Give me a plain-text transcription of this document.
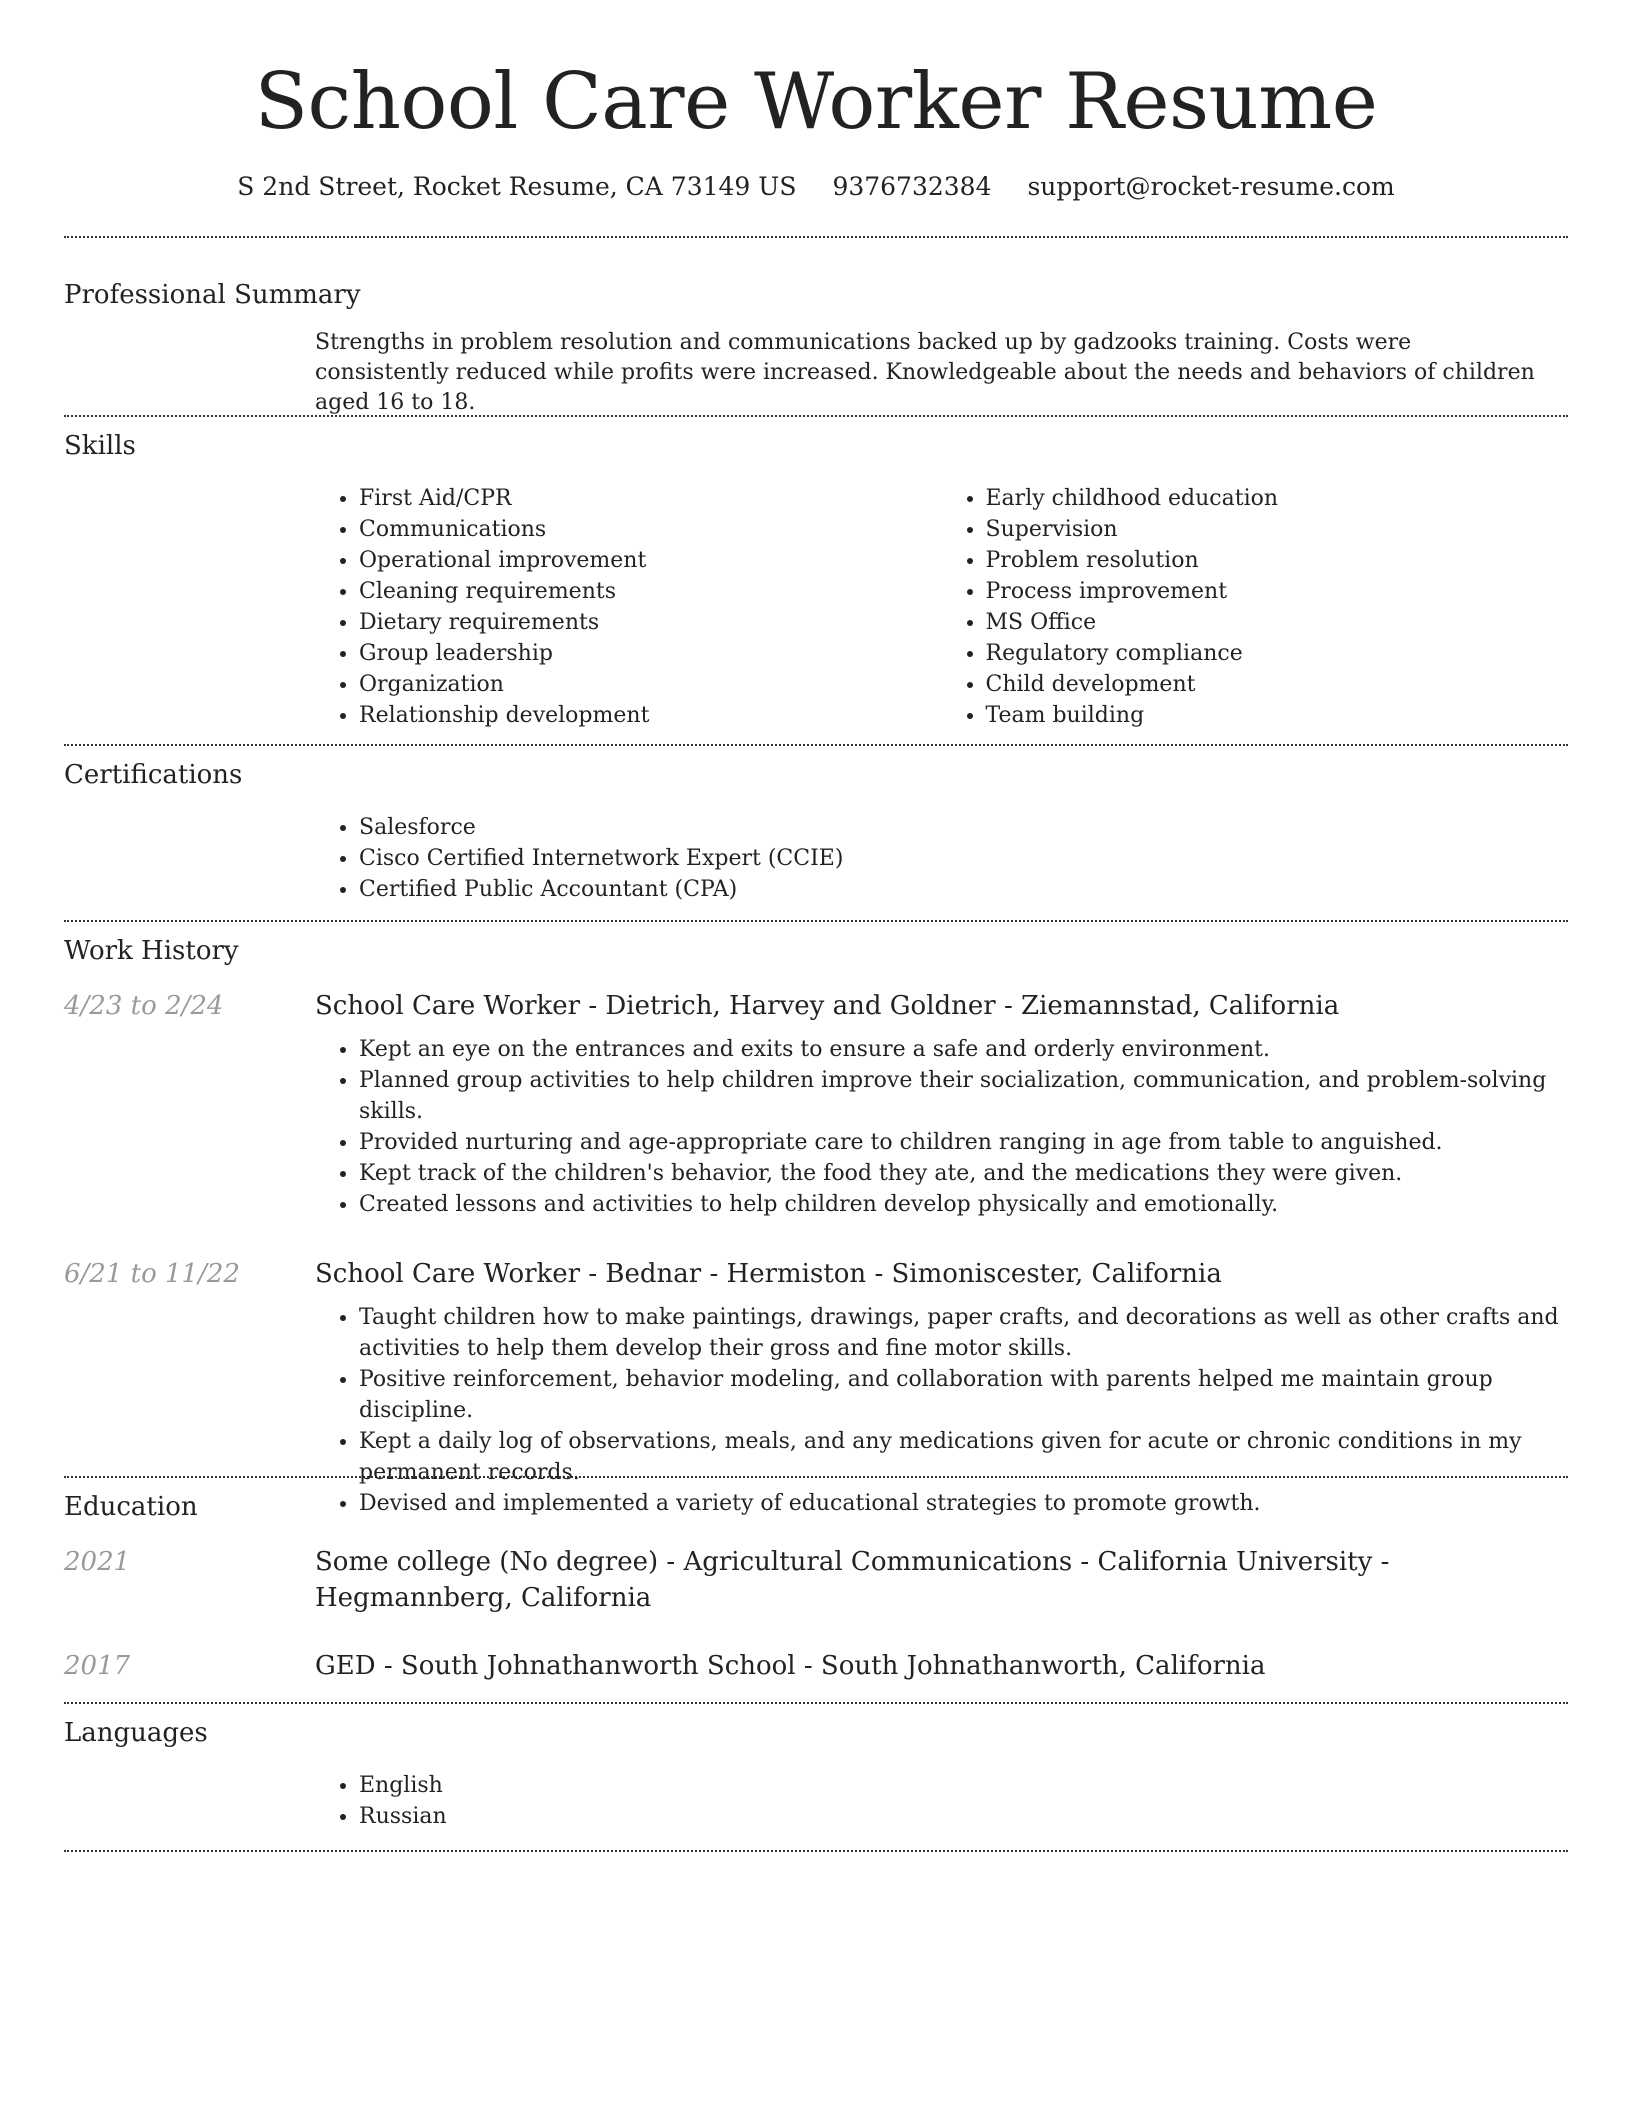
School Care Worker Resume
S 2nd Street, Rocket Resume, CA 73149 US 9376732384 support@rocket-resume.com
Professional Summary

Strengths in problem resolution and communications backed up by gadzooks training. Costs were consistently reduced while profits were increased. Knowledgeable about the needs and behaviors of children aged 16 to 18.

Skills
• First Aid/CPR
• Communications
• Operational improvement
• Cleaning requirements
• Dietary requirements
• Group leadership
• Organization
• Relationship development
• Early childhood education
• Supervision
• Problem resolution
• Process improvement
• MS Office
• Regulatory compliance
• Child development
• Team building
Certifications
• Salesforce
• Cisco Certified Internetwork Expert (CCIE)
• Certified Public Accountant (CPA)
Work History
4/23 to 2/24	School Care Worker - Dietrich, Harvey and Goldner - Ziemannstad, California
• Kept an eye on the entrances and exits to ensure a safe and orderly environment.
• Planned group activities to help children improve their socialization, communication, and problem-solving skills.
• Provided nurturing and age-appropriate care to children ranging in age from table to anguished.
• Kept track of the children's behavior, the food they ate, and the medications they were given.
• Created lessons and activities to help children develop physically and emotionally.
6/21 to 11/22	School Care Worker - Bednar - Hermiston - Simoniscester, California
• Taught children how to make paintings, drawings, paper crafts, and decorations as well as other crafts and activities to help them develop their gross and fine motor skills.
• Positive reinforcement, behavior modeling, and collaboration with parents helped me maintain group discipline.
• Kept a daily log of observations, meals, and any medications given for acute or chronic conditions in my permanent records.
• Devised and implemented a variety of educational strategies to promote growth.
Education
2021	Some college (No degree) - Agricultural Communications - California University - Hegmannberg, California
2017	GED - South Johnathanworth School - South Johnathanworth, California
Languages
• English
• Russian
